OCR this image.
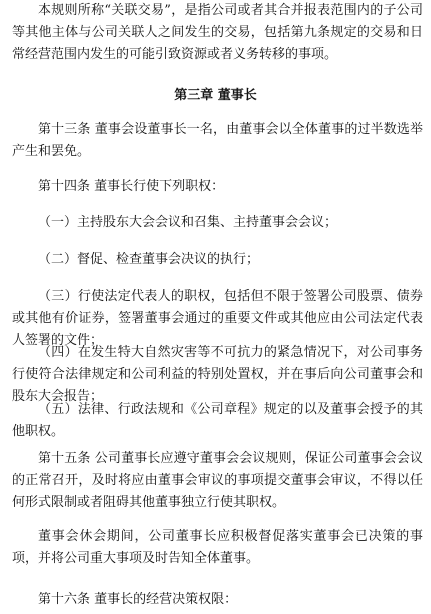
本规则所称“关联交易”，是指公司或者其合并报表范围内的子公司等其他主体与公司关联人之间发生的交易，包括第九条规定的交易和日常经营范围内发生的可能引致资源或者义务转移的事项。

第三章 董事长

第十三条 董事会设董事长一名，由董事会以全体董事的过半数选举产生和罢免。

第十四条 董事长行使下列职权：

（一）主持股东大会会议和召集、主持董事会会议；

（二）督促、检查董事会决议的执行；

（三）行使法定代表人的职权，包括但不限于签署公司股票、债券或其他有价证券，签署董事会通过的重要文件或其他应由公司法定代表人签署的文件；

（四）在发生特大自然灾害等不可抗力的紧急情况下，对公司事务行使符合法律规定和公司利益的特别处置权，并在事后向公司董事会和股东大会报告；

（五）法律、行政法规和《公司章程》规定的以及董事会授予的其他职权。

第十五条 公司董事长应遵守董事会会议规则，保证公司董事会会议的正常召开，及时将应由董事会审议的事项提交董事会审议，不得以任何形式限制或者阻碍其他董事独立行使其职权。

董事会休会期间，公司董事长应积极督促落实董事会已决策的事项，并将公司重大事项及时告知全体董事。

第十六条 董事长的经营决策权限：
